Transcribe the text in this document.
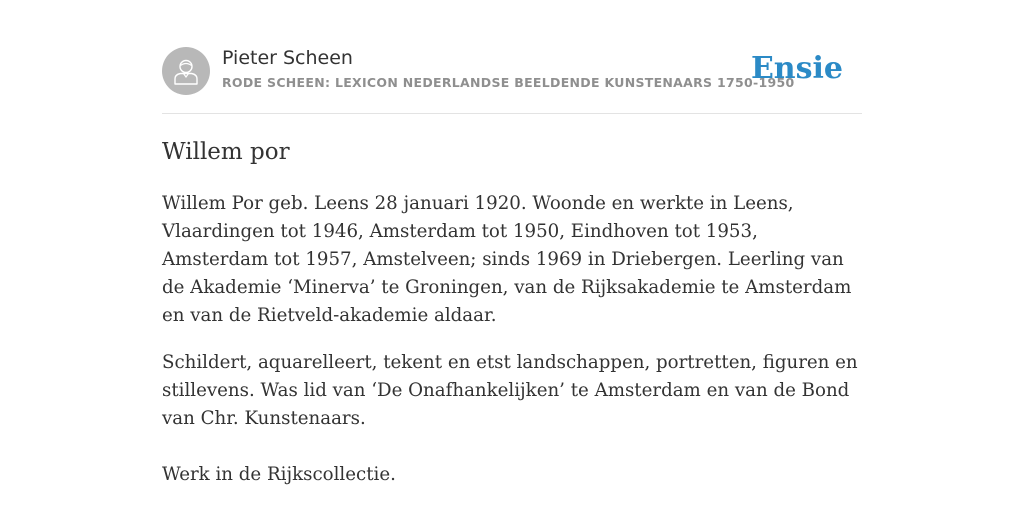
Pieter Scheen
RODE SCHEEN: LEXICON NEDERLANDSE BEELDENDE KUNSTENAARS 1750-1950
Ensie
Willem por

Willem Por geb. Leens 28 januari 1920. Woonde en werkte in Leens, Vlaardingen tot 1946, Amsterdam tot 1950, Eindhoven tot 1953, Amsterdam tot 1957, Amstelveen; sinds 1969 in Driebergen. Leerling van de Akademie ‘Minerva’ te Groningen, van de Rijksakademie te Amsterdam en van de Rietveld-akademie aldaar.

Schildert, aquarelleert, tekent en etst landschappen, portretten, figuren en stillevens. Was lid van ‘De Onafhankelijken’ te Amsterdam en van de Bond van Chr. Kunstenaars.

Werk in de Rijkscollectie.
